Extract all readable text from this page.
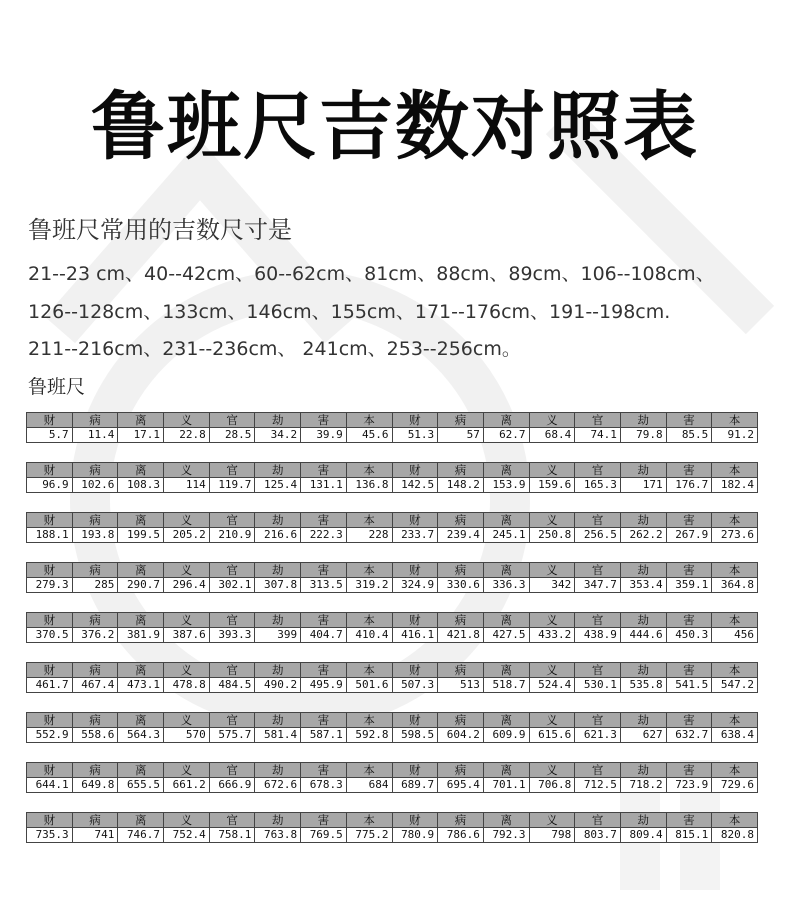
鲁班尺吉数对照表
鲁班尺常用的吉数尺寸是
21--23 cm、40--42cm、60--62cm、81cm、88cm、89cm、106--108cm、
126--128cm、133cm、146cm、155cm、171--176cm、191--198cm.
211--216cm、231--236cm、 241cm、253--256cm。
鲁班尺
财	病	离	义	官	劫	害	本	财	病	离	义	官	劫	害	本
5.7	11.4	17.1	22.8	28.5	34.2	39.9	45.6	51.3	57	62.7	68.4	74.1	79.8	85.5	91.2
财	病	离	义	官	劫	害	本	财	病	离	义	官	劫	害	本
96.9	102.6	108.3	114	119.7	125.4	131.1	136.8	142.5	148.2	153.9	159.6	165.3	171	176.7	182.4
财	病	离	义	官	劫	害	本	财	病	离	义	官	劫	害	本
188.1	193.8	199.5	205.2	210.9	216.6	222.3	228	233.7	239.4	245.1	250.8	256.5	262.2	267.9	273.6
财	病	离	义	官	劫	害	本	财	病	离	义	官	劫	害	本
279.3	285	290.7	296.4	302.1	307.8	313.5	319.2	324.9	330.6	336.3	342	347.7	353.4	359.1	364.8
财	病	离	义	官	劫	害	本	财	病	离	义	官	劫	害	本
370.5	376.2	381.9	387.6	393.3	399	404.7	410.4	416.1	421.8	427.5	433.2	438.9	444.6	450.3	456
财	病	离	义	官	劫	害	本	财	病	离	义	官	劫	害	本
461.7	467.4	473.1	478.8	484.5	490.2	495.9	501.6	507.3	513	518.7	524.4	530.1	535.8	541.5	547.2
财	病	离	义	官	劫	害	本	财	病	离	义	官	劫	害	本
552.9	558.6	564.3	570	575.7	581.4	587.1	592.8	598.5	604.2	609.9	615.6	621.3	627	632.7	638.4
财	病	离	义	官	劫	害	本	财	病	离	义	官	劫	害	本
644.1	649.8	655.5	661.2	666.9	672.6	678.3	684	689.7	695.4	701.1	706.8	712.5	718.2	723.9	729.6
财	病	离	义	官	劫	害	本	财	病	离	义	官	劫	害	本
735.3	741	746.7	752.4	758.1	763.8	769.5	775.2	780.9	786.6	792.3	798	803.7	809.4	815.1	820.8
